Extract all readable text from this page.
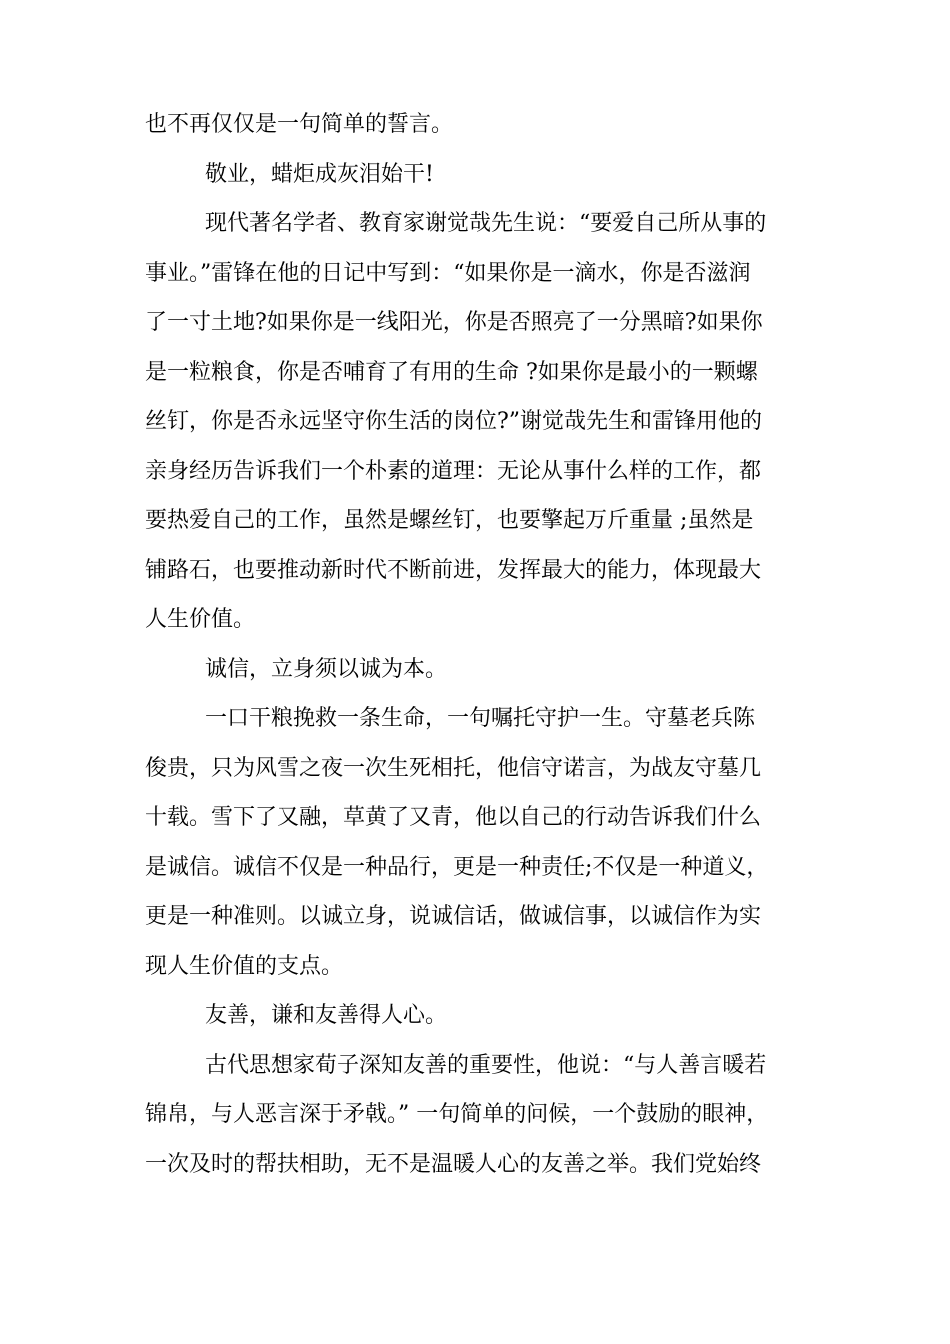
也不再仅仅是一句简单的誓言。
敬业，蜡炬成灰泪始干!
现代著名学者、教育家谢觉哉先生说：“要爱自己所从事的
事业。”雷锋在他的日记中写到：“如果你是一滴水，你是否滋润
了一寸土地?如果你是一线阳光，你是否照亮了一分黑暗?如果你
是一粒粮食，你是否哺育了有用的生命 ?如果你是最小的一颗螺
丝钉，你是否永远坚守你生活的岗位?”谢觉哉先生和雷锋用他的
亲身经历告诉我们一个朴素的道理：无论从事什么样的工作，都
要热爱自己的工作，虽然是螺丝钉，也要擎起万斤重量 ;虽然是
铺路石，也要推动新时代不断前进，发挥最大的能力，体现最大
人生价值。
诚信，立身须以诚为本。
一口干粮挽救一条生命，一句嘱托守护一生。守墓老兵陈
俊贵，只为风雪之夜一次生死相托，他信守诺言，为战友守墓几
十载。雪下了又融，草黄了又青，他以自己的行动告诉我们什么
是诚信。诚信不仅是一种品行，更是一种责任;不仅是一种道义，
更是一种准则。以诚立身，说诚信话，做诚信事，以诚信作为实
现人生价值的支点。
友善，谦和友善得人心。
古代思想家荀子深知友善的重要性，他说：“与人善言暖若
锦帛，与人恶言深于矛戟。” 一句简单的问候，一个鼓励的眼神，
一次及时的帮扶相助，无不是温暖人心的友善之举。我们党始终
